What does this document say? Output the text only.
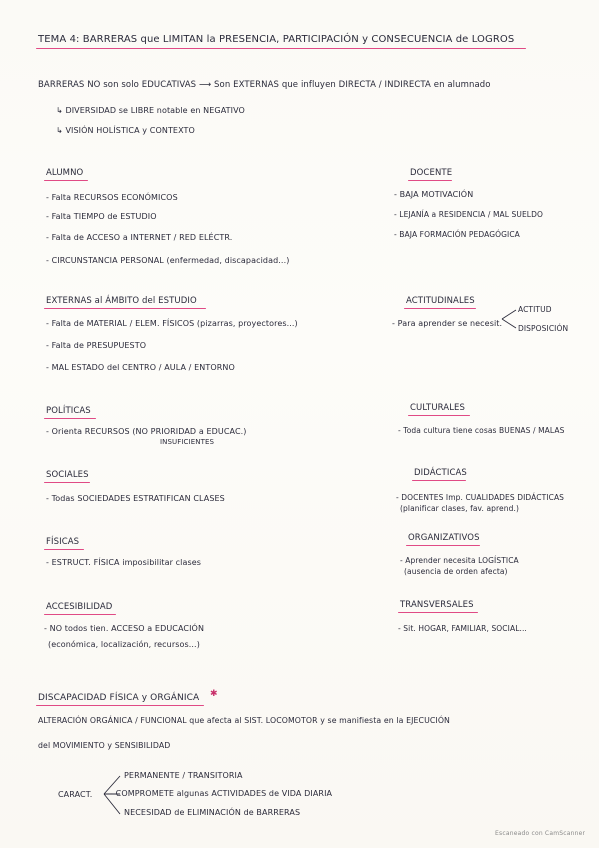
TEMA 4: BARRERAS que LIMITAN la PRESENCIA, PARTICIPACIÓN y CONSECUENCIA de LOGROS
BARRERAS NO son solo EDUCATIVAS ⟶ Son EXTERNAS que influyen DIRECTA / INDIRECTA en alumnado
↳ DIVERSIDAD se LIBRE notable en NEGATIVO
↳ VISIÓN HOLÍSTICA y CONTEXTO
ALUMNO
- Falta RECURSOS ECONÓMICOS
- Falta TIEMPO de ESTUDIO
- Falta de ACCESO a INTERNET / RED ELÉCTR.
- CIRCUNSTANCIA PERSONAL (enfermedad, discapacidad...)
DOCENTE
- BAJA MOTIVACIÓN
- LEJANÍA a RESIDENCIA / MAL SUELDO
- BAJA FORMACIÓN PEDAGÓGICA
EXTERNAS al ÁMBITO del ESTUDIO
- Falta de MATERIAL / ELEM. FÍSICOS (pizarras, proyectores...)
- Falta de PRESUPUESTO
- MAL ESTADO del CENTRO / AULA / ENTORNO
ACTITUDINALES
- Para aprender se necesit.
ACTITUD
DISPOSICIÓN
POLÍTICAS
- Orienta RECURSOS (NO PRIORIDAD a EDUCAC.)
INSUFICIENTES
CULTURALES
- Toda cultura tiene cosas BUENAS / MALAS
SOCIALES
- Todas SOCIEDADES ESTRATIFICAN CLASES
DIDÁCTICAS
- DOCENTES Imp. CUALIDADES DIDÁCTICAS
(planificar clases, fav. aprend.)
FÍSICAS
- ESTRUCT. FÍSICA imposibilitar clases
ORGANIZATIVOS
- Aprender necesita LOGÍSTICA
(ausencia de orden afecta)
ACCESIBILIDAD
- NO todos tien. ACCESO a EDUCACIÓN
(económica, localización, recursos...)
TRANSVERSALES
- Sit. HOGAR, FAMILIAR, SOCIAL...
DISCAPACIDAD FÍSICA y ORGÁNICA ✱
ALTERACIÓN ORGÁNICA / FUNCIONAL que afecta al SIST. LOCOMOTOR y se manifiesta en la EJECUCIÓN
del MOVIMIENTO y SENSIBILIDAD
CARACT.
PERMANENTE / TRANSITORIA
- COMPROMETE algunas ACTIVIDADES de VIDA DIARIA
NECESIDAD de ELIMINACIÓN de BARRERAS
Escaneado con CamScanner
